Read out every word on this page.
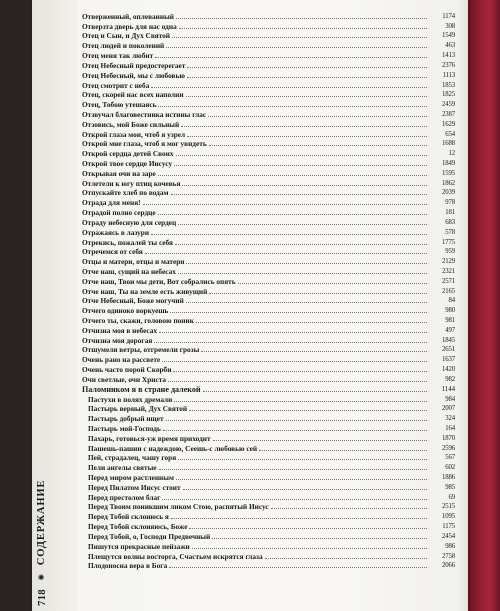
718
✺
СОДЕРЖАНИЕ
Отверженный, оплеванный	1174
Отверзта дверь для нас одна	308
Отец и Сын, и Дух Святой	1549
Отец людей и поколений	463
Отец меня так любит	1413
Отец Небесный предостерегает	2376
Отец Небесный, мы с любовью	1113
Отец смотрит с неба	1853
Отец, скорей нас всех наполни	1825
Отец, Тобою утешаясь	2459
Отзвучал благовестника истины глас	2387
Отзовись, мой Боже сильный	1629
Открой глаза мои, чтоб я узрел	654
Открой мне глаза, чтоб я мог увидеть	1688
Открой сердца детей Своих	12
Открой твое сердце Иисусу	1849
Открывая очи на заре	1595
Отлетели к югу птиц кочевья	1862
Отпускайте хлеб по водам	2039
Отрада для меня!	978
Отрадой полно сердце	181
Отраду небесную для сердец	683
Отражаясь в лазури	578
Отрекись, пожалей ты себя	1775
Отречемся от себя	959
Отцы и матери, отцы и матери	2129
Отче наш, сущий на небесах	2321
Отче наш, Твои мы дети, Вот собрались опять	2571
Отче наш, Ты на земле есть живущий	2165
Отче Небесный, Боже могучий	84
Отчего одиноко воркуешь	980
Отчего ты, скажи, головою поник	981
Отчизна моя в небесах	497
Отчизна моя дорогая	1845
Отшумели ветры, отгремели грозы	2651
Очень рано на рассвете	1637
Очень часто порой Скорби	1420
Очи светлые, очи Христа	982
Паломником я в стране далекой	1144
Пастухи в полях дремали	984
Пастырь верный, Дух Святой	2007
Пастырь добрый ищет	324
Пастырь мой-Господь	164
Пахарь, готовься-уж время приходит	1870
Пашешь-пашни с надеждою, Сеешь-с любовью сей	2596
Пей, страдалец, чашу горя	567
Пели ангелы святые	602
Перед миром растленным	1886
Перед Пилатом Иисус стоит	985
Перед престолом благ	69
Перед Твоим поникшим ликом Стою, распятый Иисус	2515
Перед Тобой склонюсь я	1095
Перед Тобой склоняюсь, Боже	1175
Перед Тобой, о, Господи Предвечный	2454
Пишутся прекрасные пейзажи	986
Плещутся волны восторга, Счастьем искрятся глаза	2758
Плодоносна вера в Бога	2066
